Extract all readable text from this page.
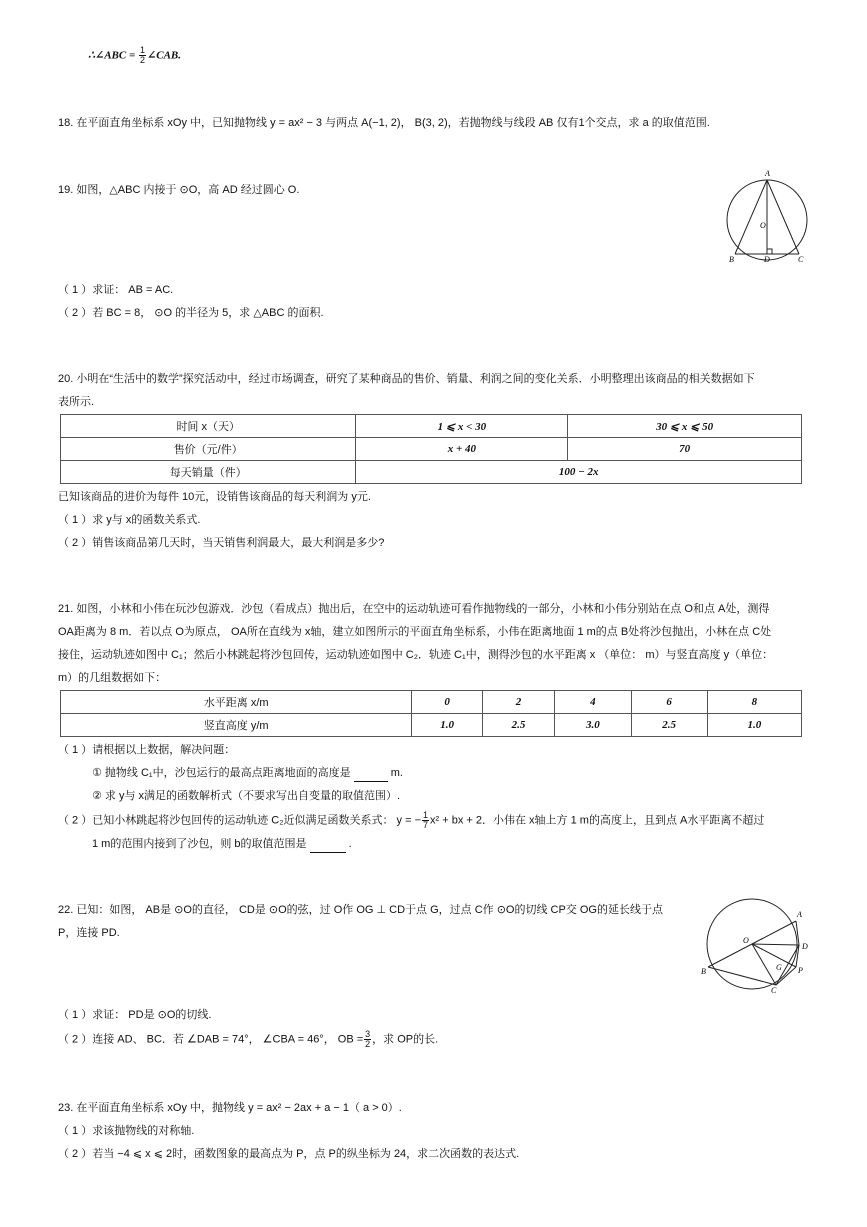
∴∠ABC = $\frac{1}{2}$ ∠CAB.
18. 在平面直角坐标系 xOy 中，已知抛物线 y = ax² − 3 与两点 A(−1, 2)， B(3, 2)，若抛物线与线段 AB 仅有1个交点，求 a 的取值范围.
19. 如图，△ABC 内接于 ⊙O，高 AD 经过圆心 O.
A
O
B	D	C
（ 1 ）求证： AB = AC.
（ 2 ）若 BC = 8， ⊙O 的半径为 5，求 △ABC 的面积.
20. 小明在“生活中的数学”探究活动中，经过市场调查，研究了某种商品的售价、销量、利润之间的变化关系．小明整理出该商品的相关数据如下
表所示.
时间 x（天）	1 ⩽ x < 30	30 ⩽ x ⩽ 50
售价（元/件）	x + 40	70
每天销量（件）	100 − 2x	
已知该商品的进价为每件 10元，设销售该商品的每天利润为 y元.
（ 1 ）求 y与 x的函数关系式.
（ 2 ）销售该商品第几天时，当天销售利润最大，最大利润是多少?
21. 如图，小林和小伟在玩沙包游戏．沙包（看成点）抛出后，在空中的运动轨迹可看作抛物线的一部分，小林和小伟分别站在点 O和点 A处，测得
OA距离为 8 m．若以点 O为原点， OA所在直线为 x轴，建立如图所示的平面直角坐标系，小伟在距离地面 1 m的点 B处将沙包抛出，小林在点 C处
接住，运动轨迹如图中 C₁；然后小林跳起将沙包回传，运动轨迹如图中 C₂．轨迹 C₁中，测得沙包的水平距离 x （单位： m）与竖直高度 y（单位：
m）的几组数据如下：
水平距离 x/m	0	2	4	6	8
竖直高度 y/m	1.0	2.5	3.0	2.5	1.0
（ 1 ）请根据以上数据，解决问题：
① 抛物线 C₁中，沙包运行的最高点距离地面的高度是	m.
② 求 y与 x满足的函数解析式（不要求写出自变量的取值范围）.
（ 2 ）已知小林跳起将沙包回传的运动轨迹 C₂近似满足函数关系式： y = − $\frac{1}{7} x^2$ + bx + 2．小伟在 x轴上方 1 m的高度上，且到点 A水平距离不超过
1 m的范围内接到了沙包，则 b的取值范围是	.
22. 已知：如图， AB是 ⊙O的直径， CD是 ⊙O的弦，过 O作 OG ⊥ CD于点 G，过点 C作 ⊙O的切线 CP交 OG的延长线于点
P，连接 PD.
A
O
D
B	G P
C
（ 1 ）求证： PD是 ⊙O的切线.
（ 2 ）连接 AD、 BC．若 ∠DAB = 74°， ∠CBA = 46°， OB = $\frac{3}{2}$ ，求 OP的长.
23. 在平面直角坐标系 xOy 中，抛物线 y = ax² − 2ax + a − 1（ a > 0）.
（ 1 ）求该抛物线的对称轴.
（ 2 ）若当 −4 ⩽ x ⩽ 2时，函数图象的最高点为 P，点 P的纵坐标为 24，求二次函数的表达式.
